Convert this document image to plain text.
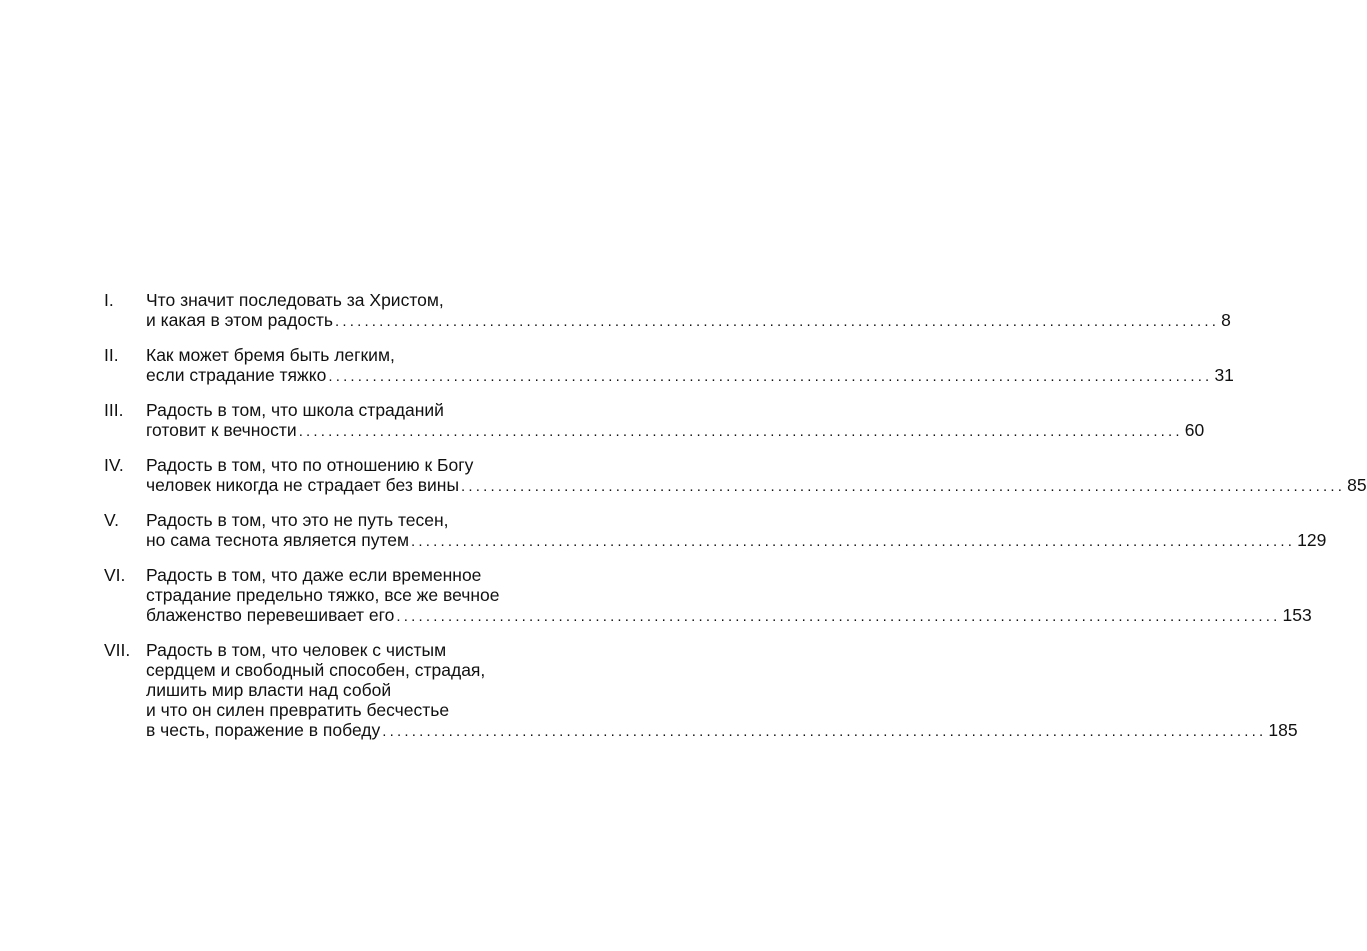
I. Что значит последовать за Христом,
и какая в этом радость ........................................................................................................................ 8
II. Как может бремя быть легким,
если страдание тяжко ........................................................................................................................ 31
III. Радость в том, что школа страданий
готовит к вечности ........................................................................................................................ 60
IV. Радость в том, что по отношению к Богу
человек никогда не страдает без вины ........................................................................................................................ 85
V. Радость в том, что это не путь тесен,
но сама теснота является путем ........................................................................................................................ 129
VI. Радость в том, что даже если временное
страдание предельно тяжко, все же вечное
блаженство перевешивает его ........................................................................................................................ 153
VII. Радость в том, что человек с чистым
сердцем и свободный способен, страдая,
лишить мир власти над собой
и что он силен превратить бесчестье
в честь, поражение в победу ........................................................................................................................ 185
